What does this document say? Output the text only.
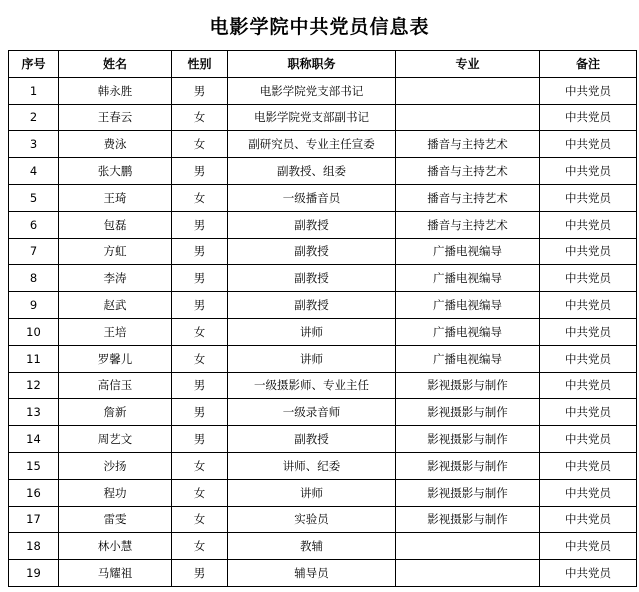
电影学院中共党员信息表
序号	姓名	性别	职称职务	专业	备注
1	韩永胜	男	电影学院党支部书记		中共党员
2	王春云	女	电影学院党支部副书记		中共党员
3	费泳	女	副研究员、专业主任宣委	播音与主持艺术	中共党员
4	张大鹏	男	副教授、组委	播音与主持艺术	中共党员
5	王琦	女	一级播音员	播音与主持艺术	中共党员
6	包磊	男	副教授	播音与主持艺术	中共党员
7	方虹	男	副教授	广播电视编导	中共党员
8	李涛	男	副教授	广播电视编导	中共党员
9	赵武	男	副教授	广播电视编导	中共党员
10	王培	女	讲师	广播电视编导	中共党员
11	罗馨儿	女	讲师	广播电视编导	中共党员
12	高信玉	男	一级摄影师、专业主任	影视摄影与制作	中共党员
13	詹新	男	一级录音师	影视摄影与制作	中共党员
14	周艺文	男	副教授	影视摄影与制作	中共党员
15	沙扬	女	讲师、纪委	影视摄影与制作	中共党员
16	程功	女	讲师	影视摄影与制作	中共党员
17	雷雯	女	实验员	影视摄影与制作	中共党员
18	林小慧	女	教辅		中共党员
19	马耀祖	男	辅导员		中共党员
